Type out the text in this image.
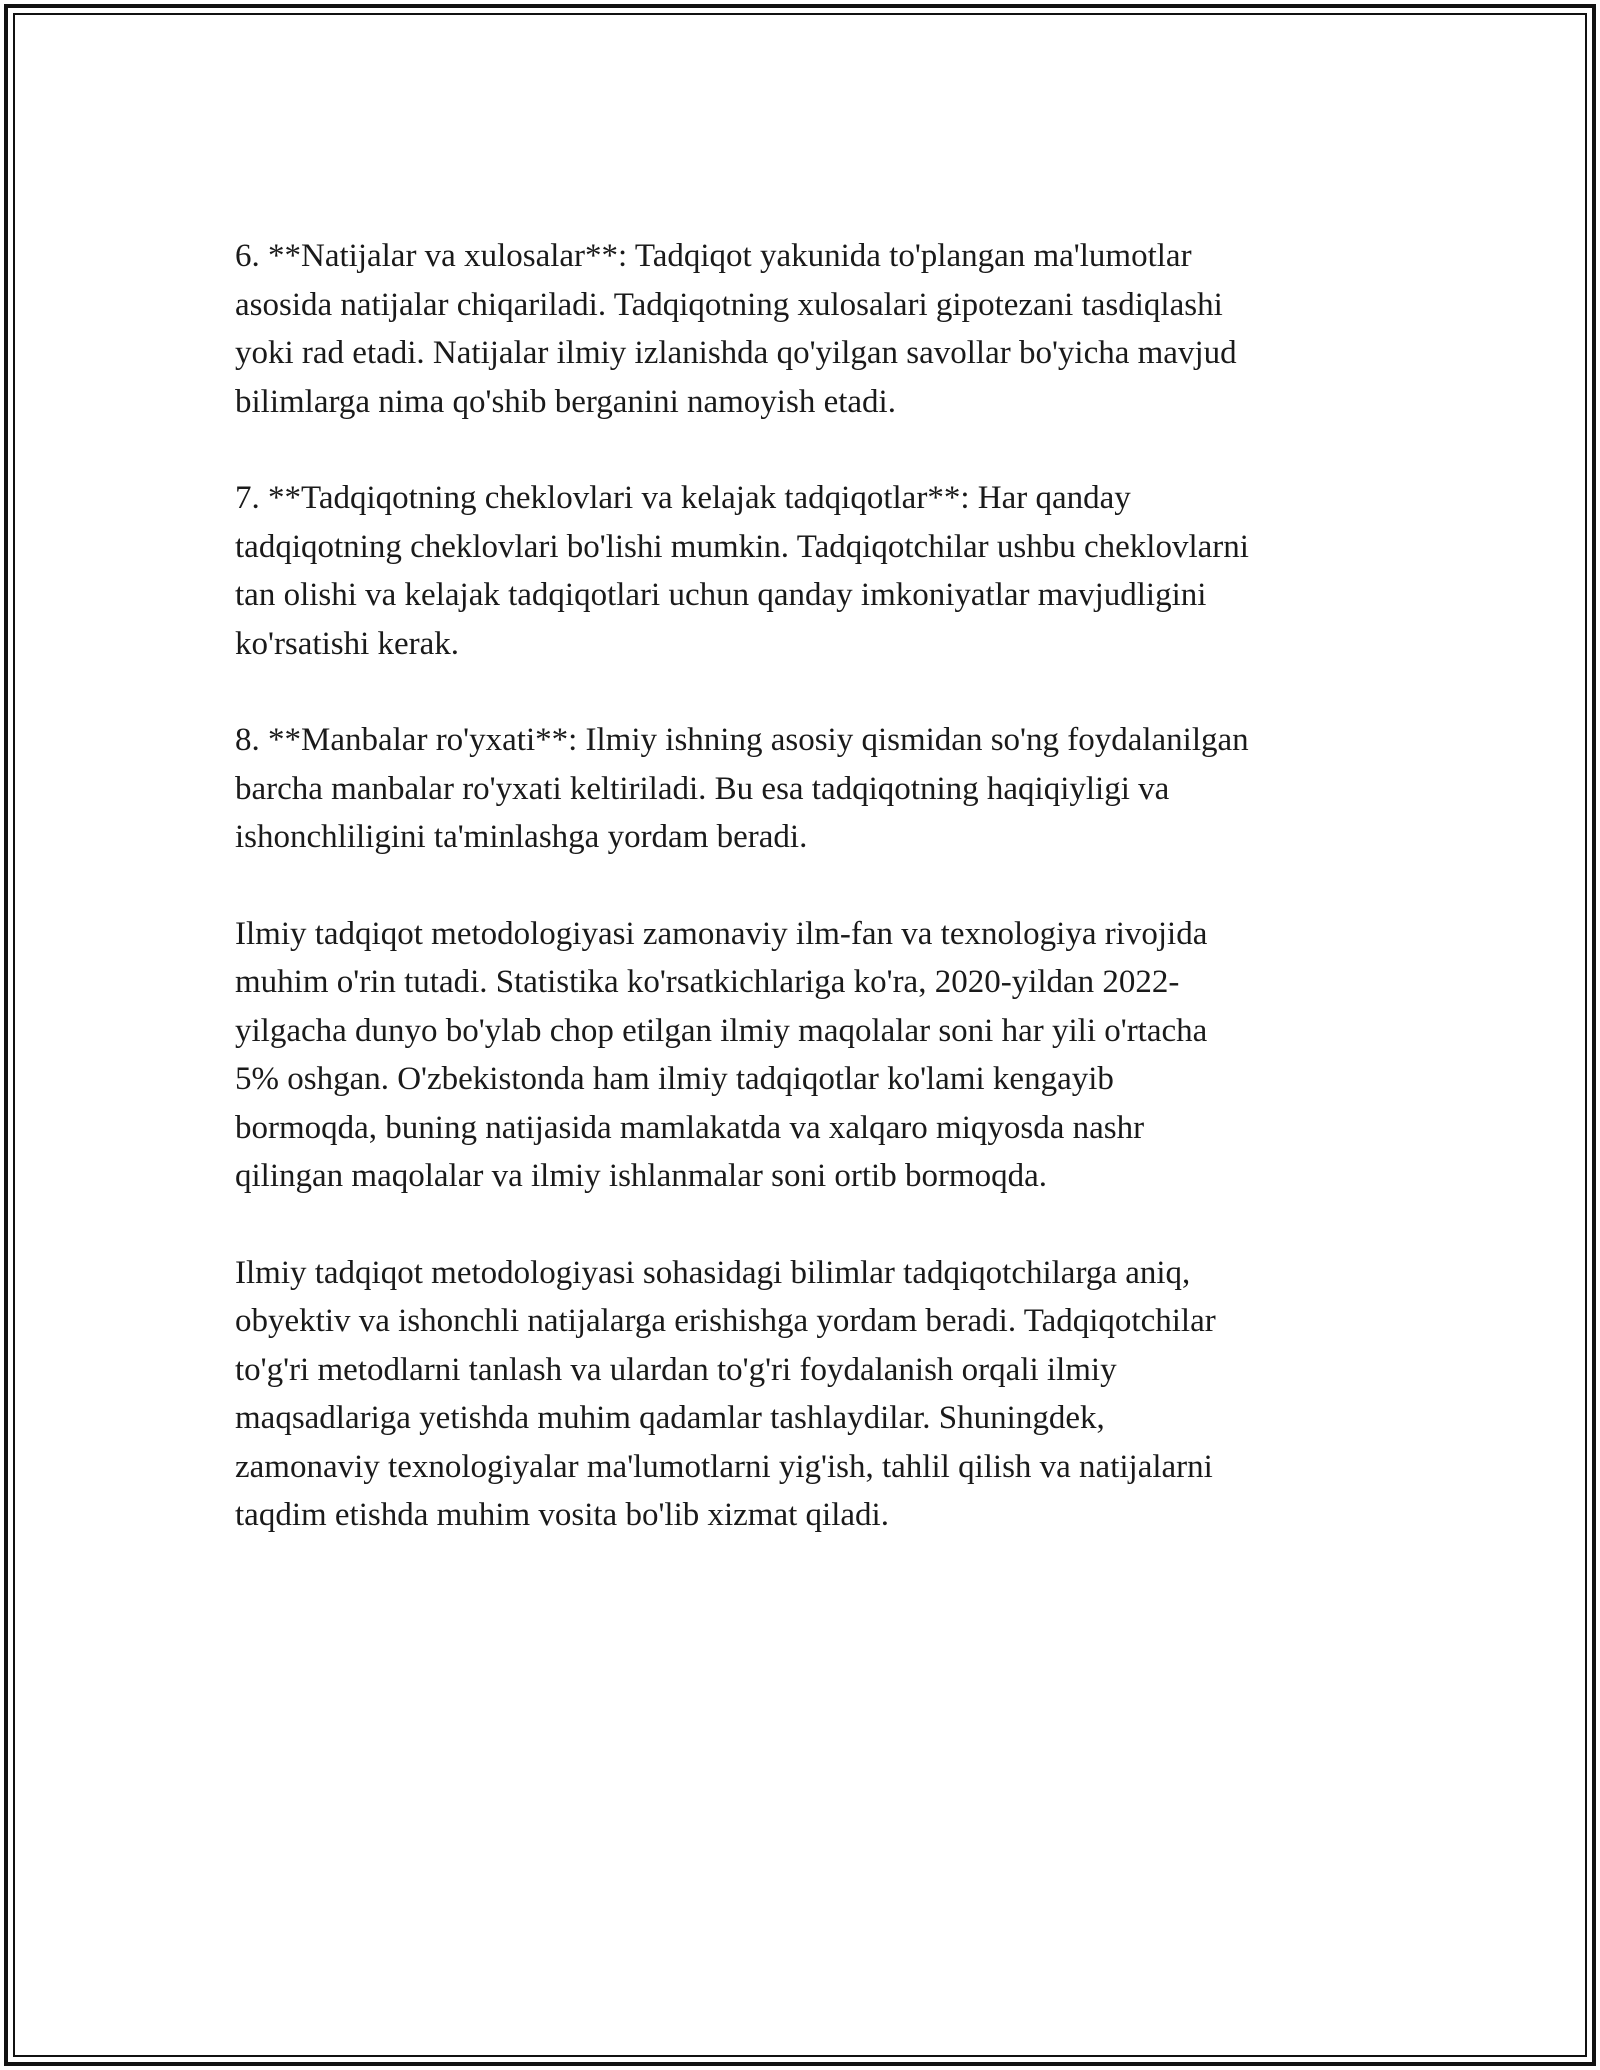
6. **Natijalar va xulosalar**: Tadqiqot yakunida to'plangan ma'lumotlar
asosida natijalar chiqariladi. Tadqiqotning xulosalari gipotezani tasdiqlashi
yoki rad etadi. Natijalar ilmiy izlanishda qo'yilgan savollar bo'yicha mavjud
bilimlarga nima qo'shib berganini namoyish etadi.

7. **Tadqiqotning cheklovlari va kelajak tadqiqotlar**: Har qanday
tadqiqotning cheklovlari bo'lishi mumkin. Tadqiqotchilar ushbu cheklovlarni
tan olishi va kelajak tadqiqotlari uchun qanday imkoniyatlar mavjudligini
ko'rsatishi kerak.

8. **Manbalar ro'yxati**: Ilmiy ishning asosiy qismidan so'ng foydalanilgan
barcha manbalar ro'yxati keltiriladi. Bu esa tadqiqotning haqiqiyligi va
ishonchliligini ta'minlashga yordam beradi.

Ilmiy tadqiqot metodologiyasi zamonaviy ilm-fan va texnologiya rivojida
muhim o'rin tutadi. Statistika ko'rsatkichlariga ko'ra, 2020-yildan 2022-
yilgacha dunyo bo'ylab chop etilgan ilmiy maqolalar soni har yili o'rtacha
5% oshgan. O'zbekistonda ham ilmiy tadqiqotlar ko'lami kengayib
bormoqda, buning natijasida mamlakatda va xalqaro miqyosda nashr
qilingan maqolalar va ilmiy ishlanmalar soni ortib bormoqda.

Ilmiy tadqiqot metodologiyasi sohasidagi bilimlar tadqiqotchilarga aniq,
obyektiv va ishonchli natijalarga erishishga yordam beradi. Tadqiqotchilar
to'g'ri metodlarni tanlash va ulardan to'g'ri foydalanish orqali ilmiy
maqsadlariga yetishda muhim qadamlar tashlaydilar. Shuningdek,
zamonaviy texnologiyalar ma'lumotlarni yig'ish, tahlil qilish va natijalarni
taqdim etishda muhim vosita bo'lib xizmat qiladi.
